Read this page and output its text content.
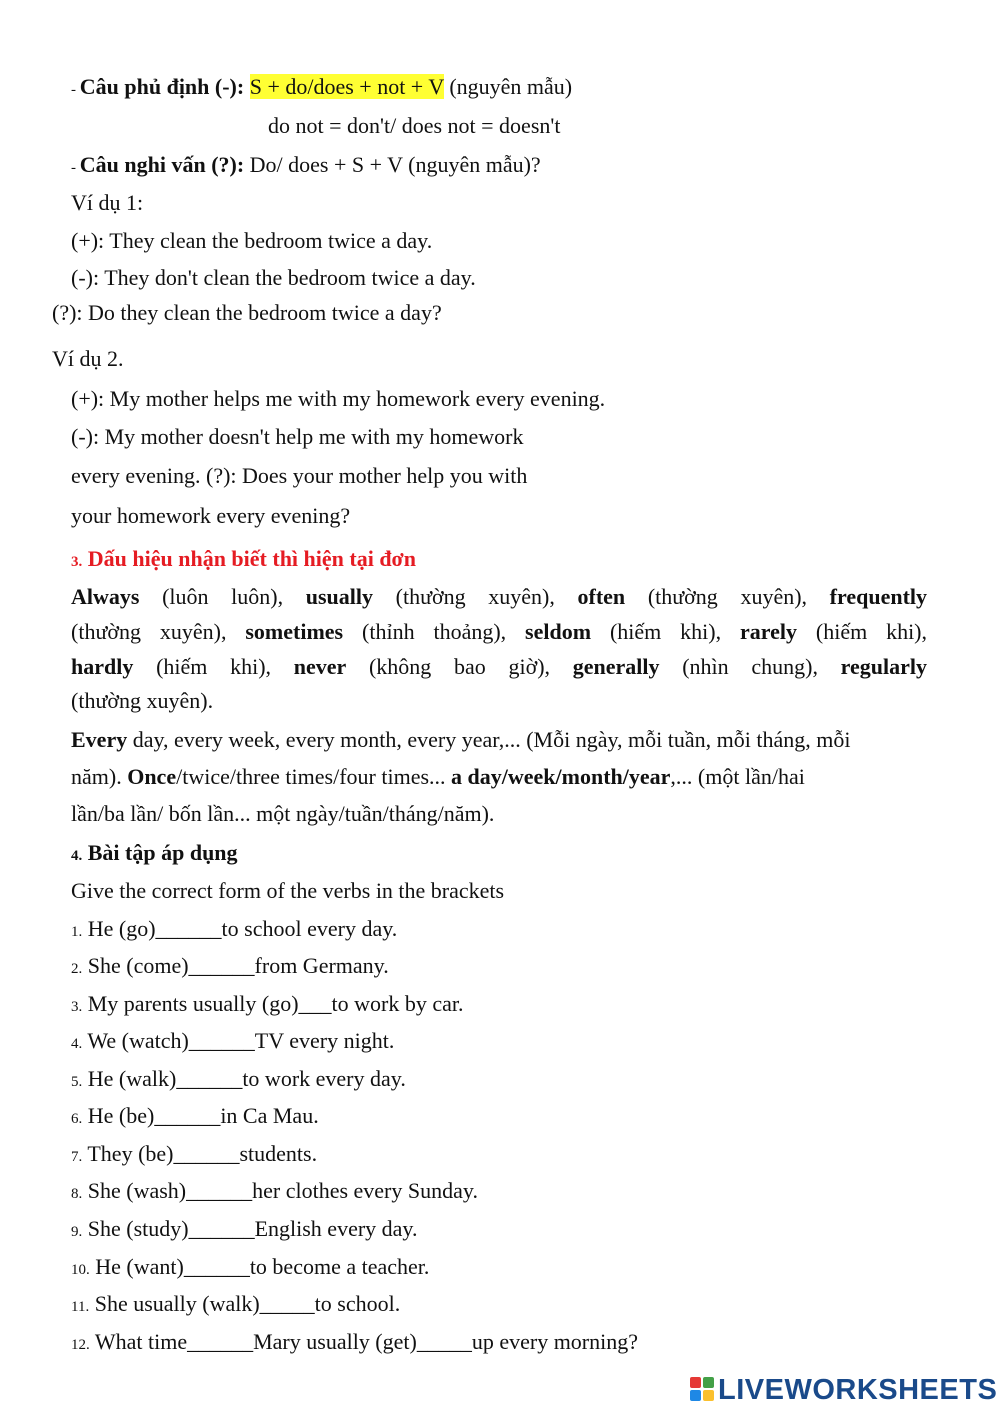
- Câu phủ định (-): S + do/does + not + V (nguyên mẫu)
do not = don't/ does not = doesn't
- Câu nghi vấn (?): Do/ does + S + V (nguyên mẫu)?
Ví dụ 1:
(+): They clean the bedroom twice a day.
(-): They don't clean the bedroom twice a day.
(?): Do they clean the bedroom twice a day?
Ví dụ 2.
(+): My mother helps me with my homework every evening.
(-): My mother doesn't help me with my homework
every evening. (?): Does your mother help you with
your homework every evening?
3. Dấu hiệu nhận biết thì hiện tại đơn
Always (luôn luôn), usually (thường xuyên), often (thường xuyên), frequently
(thường xuyên), sometimes (thỉnh thoảng), seldom (hiếm khi), rarely (hiếm khi),
hardly (hiếm khi), never (không bao giờ), generally (nhìn chung), regularly
(thường xuyên).
Every day, every week, every month, every year,... (Mỗi ngày, mỗi tuần, mỗi tháng, mỗi
năm). Once/twice/three times/four times... a day/week/month/year,... (một lần/hai
lần/ba lần/ bốn lần... một ngày/tuần/tháng/năm).
4. Bài tập áp dụng
Give the correct form of the verbs in the brackets
1. He (go)______to school every day.
2. She (come)______from Germany.
3. My parents usually (go)___to work by car.
4. We (watch)______TV every night.
5. He (walk)______to work every day.
6. He (be)______in Ca Mau.
7. They (be)______students.
8. She (wash)______her clothes every Sunday.
9. She (study)______English every day.
10. He (want)______to become a teacher.
11. She usually (walk)_____to school.
12. What time______Mary usually (get)_____up every morning?
LIVEWORKSHEETS
